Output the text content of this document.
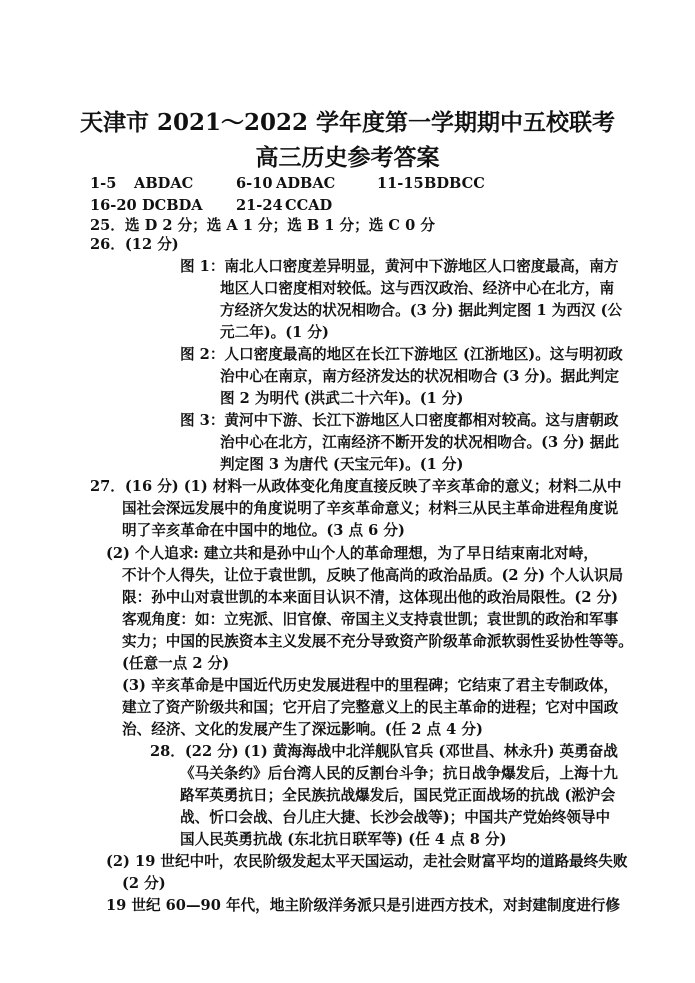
天津市 2021～2022 学年度第一学期期中五校联考
高三历史参考答案
1-5 ABDAC	6-10 ADBAC	11-15 BDBCC
16-20 DCBDA 21-24 CCAD
25．选 D 2 分；选 A 1 分；选 B 1 分；选 C 0 分
26．(12 分)
图 1：南北人口密度差异明显，黄河中下游地区人口密度最高，南方
地区人口密度相对较低。这与西汉政治、经济中心在北方，南
方经济欠发达的状况相吻合。(3 分) 据此判定图 1 为西汉 (公
元二年)。(1 分)
图 2：人口密度最高的地区在长江下游地区 (江浙地区)。这与明初政
治中心在南京，南方经济发达的状况相吻合 (3 分)。据此判定
图 2 为明代 (洪武二十六年)。(1 分)
图 3：黄河中下游、长江下游地区人口密度都相对较高。这与唐朝政
治中心在北方，江南经济不断开发的状况相吻合。(3 分) 据此
判定图 3 为唐代 (天宝元年)。(1 分)
27．(16 分) (1) 材料一从政体变化角度直接反映了辛亥革命的意义；材料二从中
国社会深远发展中的角度说明了辛亥革命意义；材料三从民主革命进程角度说
明了辛亥革命在中国中的地位。(3 点 6 分)
(2) 个人追求: 建立共和是孙中山个人的革命理想，为了早日结束南北对峙，
不计个人得失，让位于袁世凯，反映了他高尚的政治品质。(2 分) 个人认识局
限：孙中山对袁世凯的本来面目认识不清，这体现出他的政治局限性。(2 分)
客观角度：如：立宪派、旧官僚、帝国主义支持袁世凯；袁世凯的政治和军事
实力；中国的民族资本主义发展不充分导致资产阶级革命派软弱性妥协性等等。
(任意一点 2 分)
(3) 辛亥革命是中国近代历史发展进程中的里程碑；它结束了君主专制政体，
建立了资产阶级共和国；它开启了完整意义上的民主革命的进程；它对中国政
治、经济、文化的发展产生了深远影响。(任 2 点 4 分)
28．(22 分) (1) 黄海海战中北洋舰队官兵 (邓世昌、林永升) 英勇奋战
《马关条约》后台湾人民的反割台斗争；抗日战争爆发后，上海十九
路军英勇抗日；全民族抗战爆发后，国民党正面战场的抗战 (淞沪会
战、忻口会战、台儿庄大捷、长沙会战等)；中国共产党始终领导中
国人民英勇抗战 (东北抗日联军等) (任 4 点 8 分)
(2) 19 世纪中叶，农民阶级发起太平天国运动，走社会财富平均的道路最终失败
(2 分)
19 世纪 60—90 年代，地主阶级洋务派只是引进西方技术，对封建制度进行修
